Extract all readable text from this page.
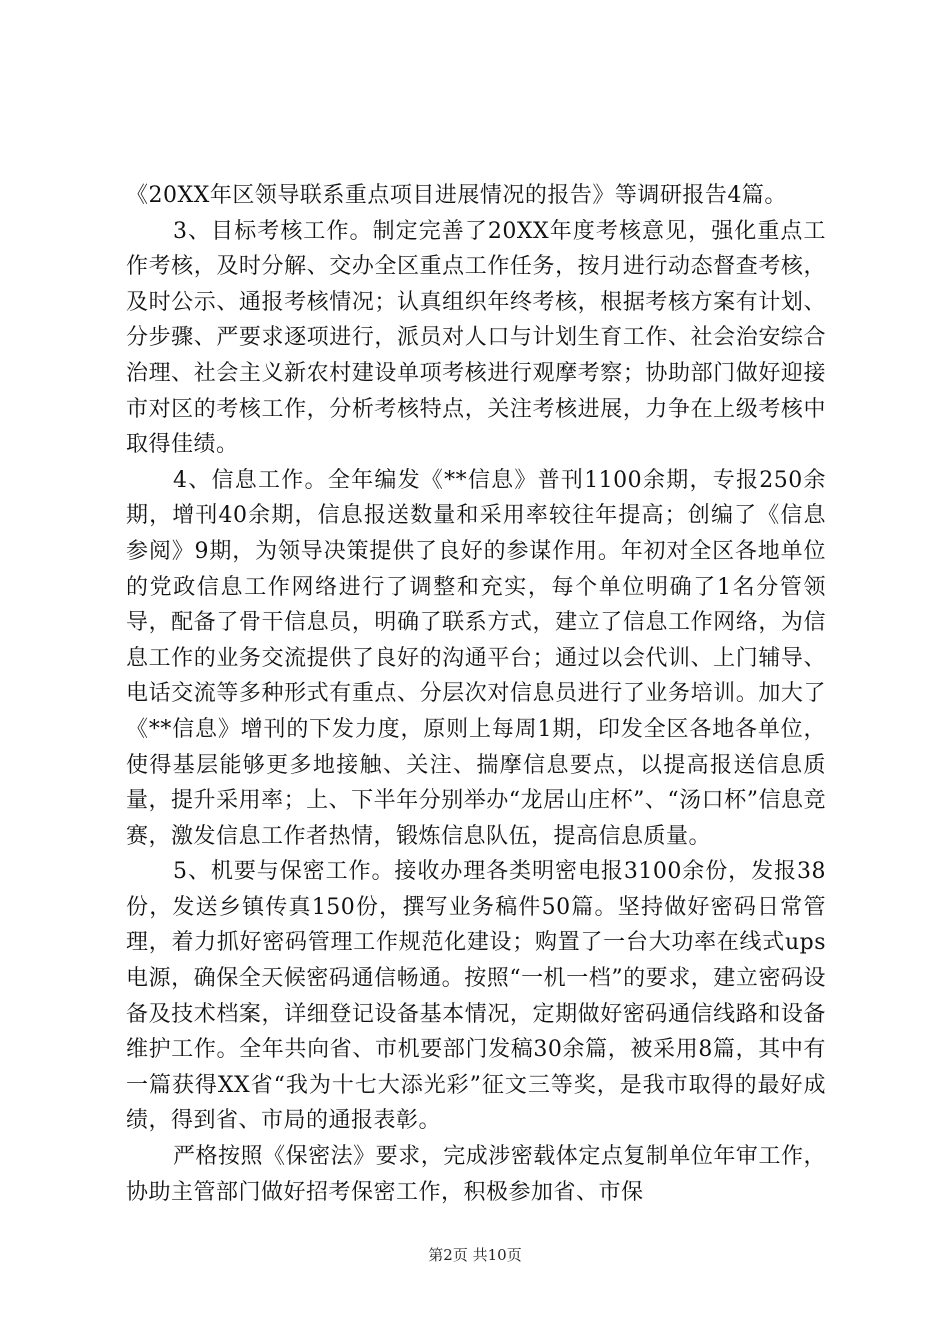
《20XX年区领导联系重点项目进展情况的报告》等调研报告4篇。

3、目标考核工作。制定完善了20XX年度考核意见，强化重点工作考核，及时分解、交办全区重点工作任务，按月进行动态督查考核，及时公示、通报考核情况；认真组织年终考核，根据考核方案有计划、分步骤、严要求逐项进行，派员对人口与计划生育工作、社会治安综合治理、社会主义新农村建设单项考核进行观摩考察；协助部门做好迎接市对区的考核工作，分析考核特点，关注考核进展，力争在上级考核中取得佳绩。

4、信息工作。全年编发《**信息》普刊1100余期，专报250余期，增刊40余期，信息报送数量和采用率较往年提高；创编了《信息参阅》9期，为领导决策提供了良好的参谋作用。年初对全区各地单位的党政信息工作网络进行了调整和充实，每个单位明确了1名分管领导，配备了骨干信息员，明确了联系方式，建立了信息工作网络，为信息工作的业务交流提供了良好的沟通平台；通过以会代训、上门辅导、电话交流等多种形式有重点、分层次对信息员进行了业务培训。加大了《**信息》增刊的下发力度，原则上每周1期，印发全区各地各单位，使得基层能够更多地接触、关注、揣摩信息要点，以提高报送信息质量，提升采用率；上、下半年分别举办“龙居山庄杯”、“汤口杯”信息竞赛，激发信息工作者热情，锻炼信息队伍，提高信息质量。

5、机要与保密工作。接收办理各类明密电报3100余份，发报38份，发送乡镇传真150份，撰写业务稿件50篇。坚持做好密码日常管理，着力抓好密码管理工作规范化建设；购置了一台大功率在线式ups电源，确保全天候密码通信畅通。按照“一机一档”的要求，建立密码设备及技术档案，详细登记设备基本情况，定期做好密码通信线路和设备维护工作。全年共向省、市机要部门发稿30余篇，被采用8篇，其中有一篇获得XX省“我为十七大添光彩”征文三等奖，是我市取得的最好成绩，得到省、市局的通报表彰。

严格按照《保密法》要求，完成涉密载体定点复制单位年审工作，协助主管部门做好招考保密工作，积极参加省、市保

第2页 共10页
